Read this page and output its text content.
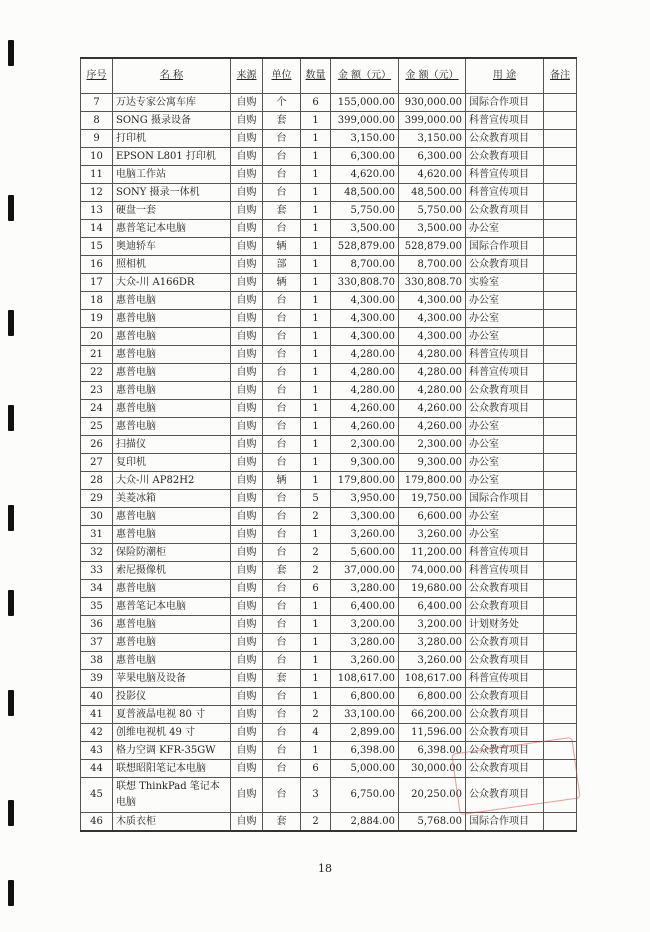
序号	名 称	来源	单位	数量	金 额（元）	金 额（元）	用 途	备注
7	万达专家公寓车库	自购	个	6	155,000.00	930,000.00	国际合作项目	
8	SONG 摄录设备	自购	套	1	399,000.00	399,000.00	科普宣传项目	
9	打印机	自购	台	1	3,150.00	3,150.00	公众教育项目	
10	EPSON L801 打印机	自购	台	1	6,300.00	6,300.00	公众教育项目	
11	电脑工作站	自购	台	1	4,620.00	4,620.00	科普宣传项目	
12	SONY 摄录一体机	自购	台	1	48,500.00	48,500.00	科普宣传项目	
13	硬盘一套	自购	套	1	5,750.00	5,750.00	公众教育项目	
14	惠普笔记本电脑	自购	台	1	3,500.00	3,500.00	办公室	
15	奥迪轿车	自购	辆	1	528,879.00	528,879.00	国际合作项目	
16	照相机	自购	部	1	8,700.00	8,700.00	公众教育项目	
17	大众-川 A166DR	自购	辆	1	330,808.70	330,808.70	实验室	
18	惠普电脑	自购	台	1	4,300.00	4,300.00	办公室	
19	惠普电脑	自购	台	1	4,300.00	4,300.00	办公室	
20	惠普电脑	自购	台	1	4,300.00	4,300.00	办公室	
21	惠普电脑	自购	台	1	4,280.00	4,280.00	科普宣传项目	
22	惠普电脑	自购	台	1	4,280.00	4,280.00	科普宣传项目	
23	惠普电脑	自购	台	1	4,280.00	4,280.00	公众教育项目	
24	惠普电脑	自购	台	1	4,260.00	4,260.00	公众教育项目	
25	惠普电脑	自购	台	1	4,260.00	4,260.00	办公室	
26	扫描仪	自购	台	1	2,300.00	2,300.00	办公室	
27	复印机	自购	台	1	9,300.00	9,300.00	办公室	
28	大众-川 AP82H2	自购	辆	1	179,800.00	179,800.00	办公室	
29	美菱冰箱	自购	台	5	3,950.00	19,750.00	国际合作项目	
30	惠普电脑	自购	台	2	3,300.00	6,600.00	办公室	
31	惠普电脑	自购	台	1	3,260.00	3,260.00	办公室	
32	保险防潮柜	自购	台	2	5,600.00	11,200.00	科普宣传项目	
33	索尼摄像机	自购	套	2	37,000.00	74,000.00	科普宣传项目	
34	惠普电脑	自购	台	6	3,280.00	19,680.00	公众教育项目	
35	惠普笔记本电脑	自购	台	1	6,400.00	6,400.00	公众教育项目	
36	惠普电脑	自购	台	1	3,200.00	3,200.00	计划财务处	
37	惠普电脑	自购	台	1	3,280.00	3,280.00	公众教育项目	
38	惠普电脑	自购	台	1	3,260.00	3,260.00	公众教育项目	
39	苹果电脑及设备	自购	套	1	108,617.00	108,617.00	科普宣传项目	
40	投影仪	自购	台	1	6,800.00	6,800.00	公众教育项目	
41	夏普液晶电视 80 寸	自购	台	2	33,100.00	66,200.00	公众教育项目	
42	创维电视机 49 寸	自购	台	4	2,899.00	11,596.00	公众教育项目	
43	格力空调 KFR-35GW	自购	台	1	6,398.00	6,398.00	公众教育项目	
44	联想昭阳笔记本电脑	自购	台	6	5,000.00	30,000.00	公众教育项目	
45	联想 ThinkPad 笔记本电脑	自购	台	3	6,750.00	20,250.00	公众教育项目	
46	木质衣柜	自购	套	2	2,884.00	5,768.00	国际合作项目	
18
